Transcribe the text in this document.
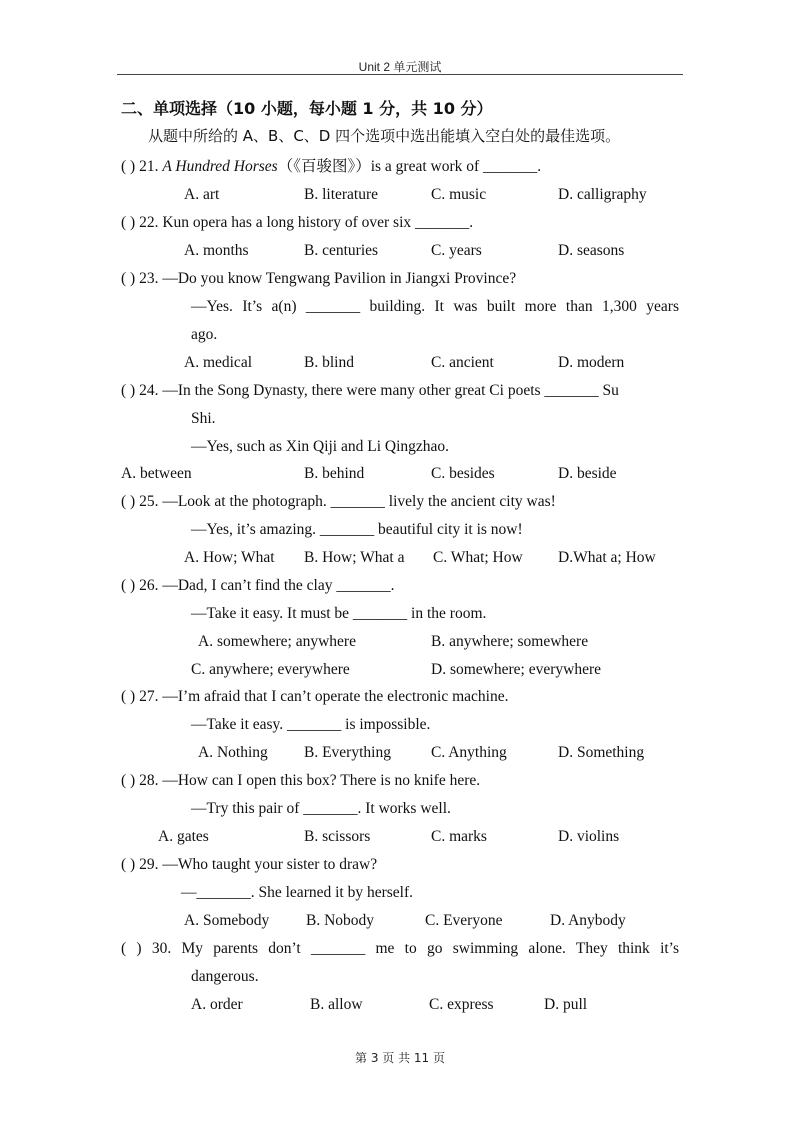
Unit 2 单元测试
二、单项选择（10 小题，每小题 1 分，共 10 分）
从题中所给的 A、B、C、D 四个选项中选出能填入空白处的最佳选项。
( ) 21. A Hundred Horses（《百骏图》）is a great work of _______.
A. art	B. literature	C. music	D. calligraphy
( ) 22. Kun opera has a long history of over six _______.
A. months	B. centuries	C. years	D. seasons
( ) 23. —Do you know Tengwang Pavilion in Jiangxi Province?
—Yes. It’s a(n) _______ building. It was built more than 1,300 years
ago.
A. medical	B. blind	C. ancient	D. modern
( ) 24. —In the Song Dynasty, there were many other great Ci poets _______ Su
Shi.
—Yes, such as Xin Qiji and Li Qingzhao.
A. between	B. behind	C. besides	D. beside
( ) 25. —Look at the photograph. _______ lively the ancient city was!
—Yes, it’s amazing. _______ beautiful city it is now!
A. How; What B. How; What a C. What; How D.What a; How
( ) 26. —Dad, I can’t find the clay _______.
—Take it easy. It must be _______ in the room.
A. somewhere; anywhere	B. anywhere; somewhere
C. anywhere; everywhere	D. somewhere; everywhere
( ) 27. —I’m afraid that I can’t operate the electronic machine.
—Take it easy. _______ is impossible.
A. Nothing B. Everything	C. Anything	D. Something
( ) 28. —How can I open this box? There is no knife here.
—Try this pair of _______. It works well.
A. gates	B. scissors	C. marks	D. violins
( ) 29. —Who taught your sister to draw?
—_______. She learned it by herself.
A. Somebody B. Nobody	C. Everyone	D. Anybody
( ) 30. My parents don’t _______ me to go swimming alone. They think it’s
dangerous.
A. order	B. allow	C. express	D. pull
第 3 页 共 11 页
